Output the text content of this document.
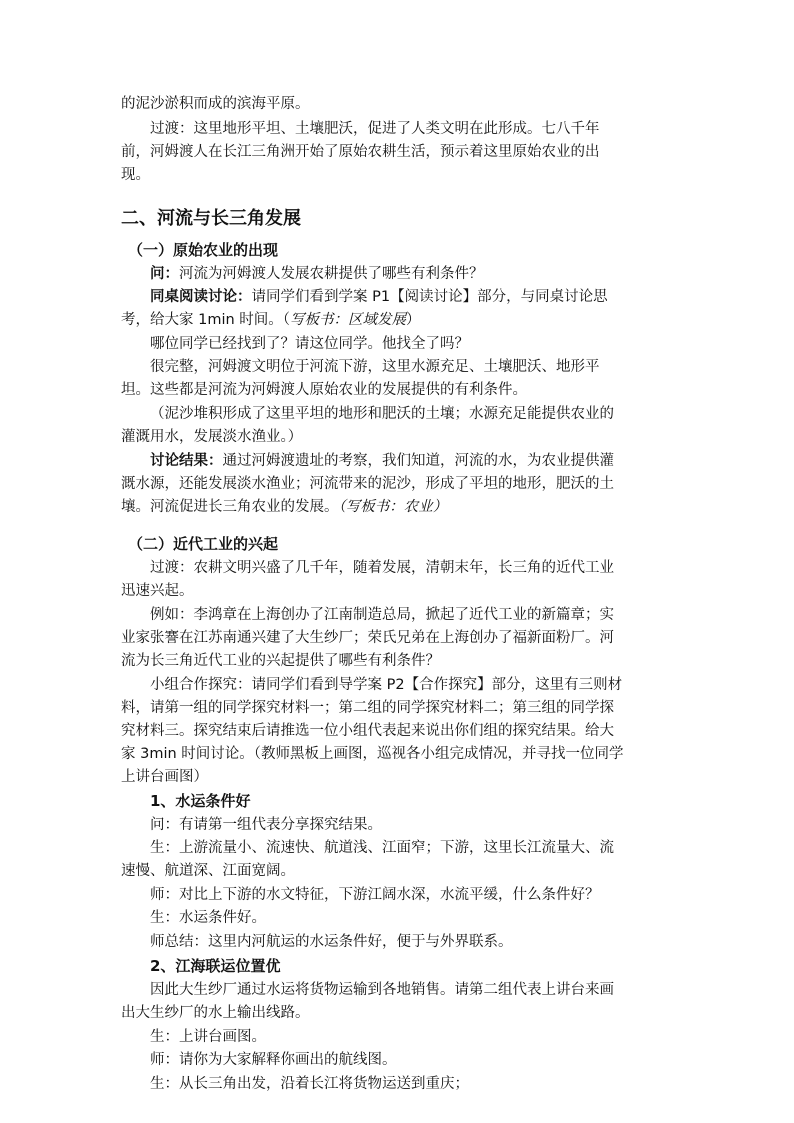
的泥沙淤积而成的滨海平原。
过渡：这里地形平坦、土壤肥沃，促进了人类文明在此形成。七八千年
前，河姆渡人在长江三角洲开始了原始农耕生活，预示着这里原始农业的出
现。
二、河流与长三角发展
（一）原始农业的出现
问：河流为河姆渡人发展农耕提供了哪些有利条件？
同桌阅读讨论：请同学们看到学案 P1【阅读讨论】部分，与同桌讨论思
考，给大家 1min 时间。（写板书：区域发展）
哪位同学已经找到了？请这位同学。他找全了吗？
很完整，河姆渡文明位于河流下游，这里水源充足、土壤肥沃、地形平
坦。这些都是河流为河姆渡人原始农业的发展提供的有利条件。
（泥沙堆积形成了这里平坦的地形和肥沃的土壤；水源充足能提供农业的
灌溉用水，发展淡水渔业。）
讨论结果：通过河姆渡遗址的考察，我们知道，河流的水，为农业提供灌
溉水源，还能发展淡水渔业；河流带来的泥沙，形成了平坦的地形，肥沃的土
壤。河流促进长三角农业的发展。（写板书：农业）
（二）近代工业的兴起
过渡：农耕文明兴盛了几千年，随着发展，清朝末年，长三角的近代工业
迅速兴起。
例如：李鸿章在上海创办了江南制造总局，掀起了近代工业的新篇章；实
业家张謇在江苏南通兴建了大生纱厂；荣氏兄弟在上海创办了福新面粉厂。河
流为长三角近代工业的兴起提供了哪些有利条件？
小组合作探究：请同学们看到导学案 P2【合作探究】部分，这里有三则材
料，请第一组的同学探究材料一；第二组的同学探究材料二；第三组的同学探
究材料三。探究结束后请推选一位小组代表起来说出你们组的探究结果。给大
家 3min 时间讨论。（教师黑板上画图，巡视各小组完成情况，并寻找一位同学
上讲台画图）
1、水运条件好
问：有请第一组代表分享探究结果。
生：上游流量小、流速快、航道浅、江面窄；下游，这里长江流量大、流
速慢、航道深、江面宽阔。
师：对比上下游的水文特征，下游江阔水深，水流平缓，什么条件好？
生：水运条件好。
师总结：这里内河航运的水运条件好，便于与外界联系。
2、江海联运位置优
因此大生纱厂通过水运将货物运输到各地销售。请第二组代表上讲台来画
出大生纱厂的水上输出线路。
生：上讲台画图。
师：请你为大家解释你画出的航线图。
生：从长三角出发，沿着长江将货物运送到重庆；
